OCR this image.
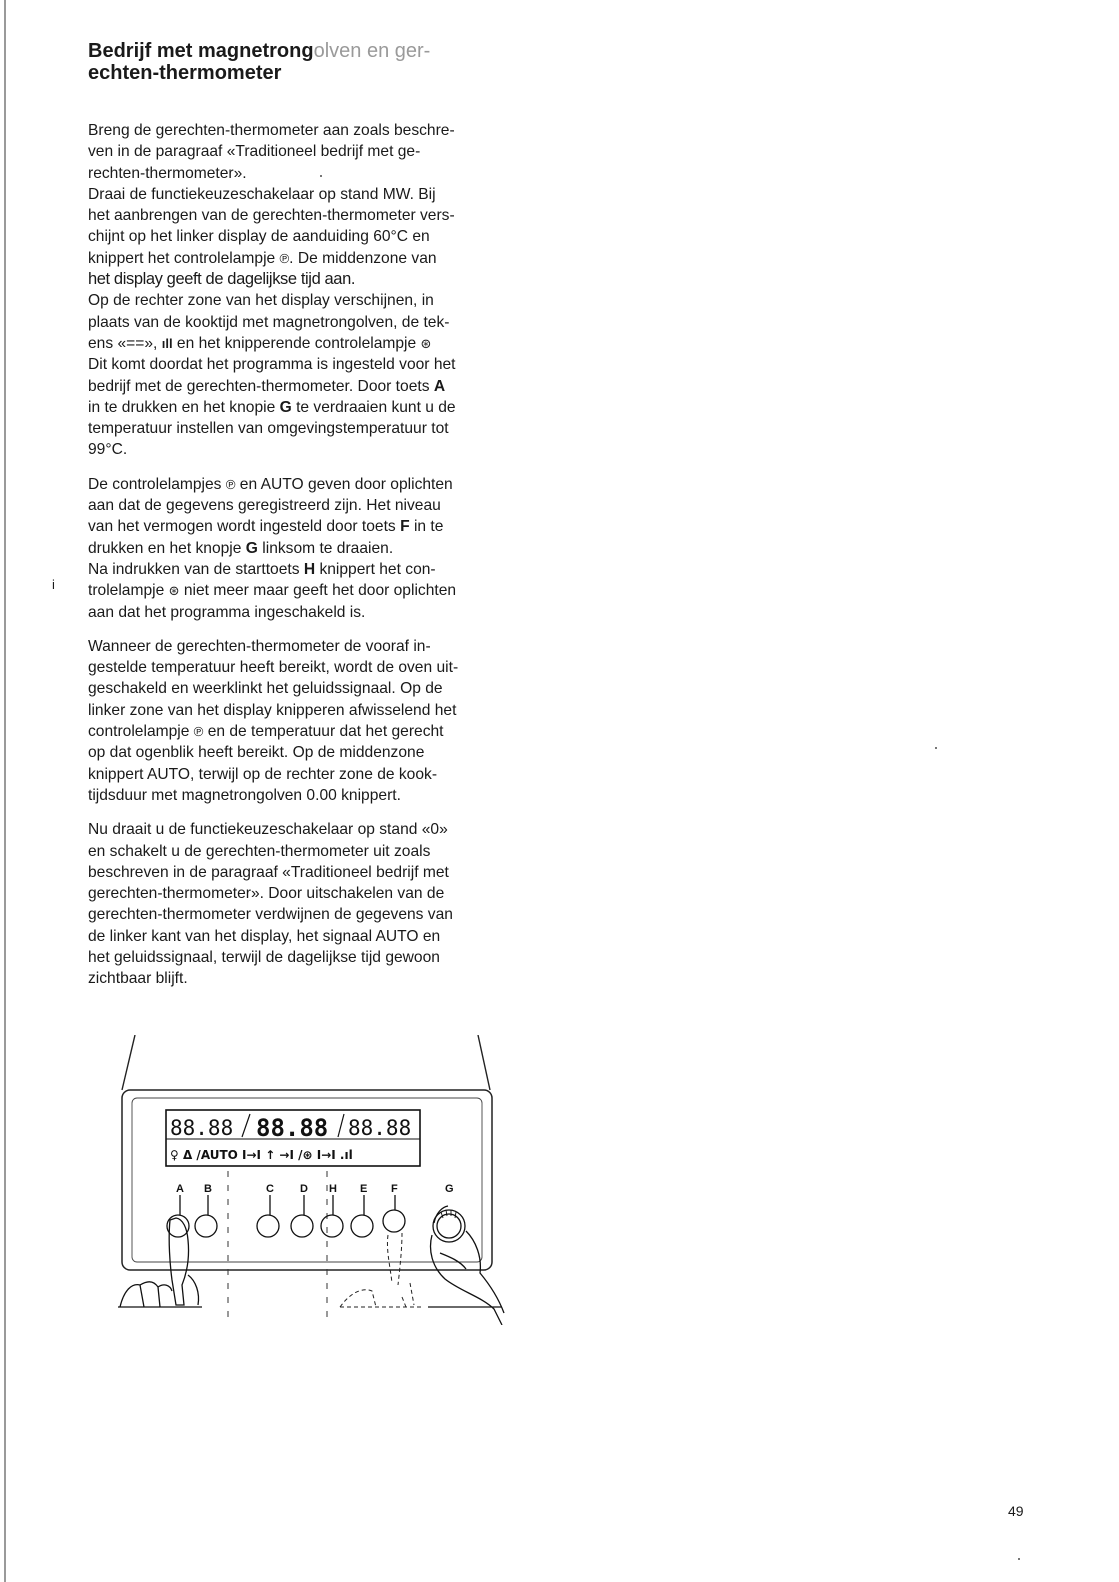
Bedrijf met magnetrongolven en ger-
echten-thermometer

Breng de gerechten-thermometer aan zoals beschre-
ven in de paragraaf «Traditioneel bedrijf met ge-
rechten-thermometer».
Draai de functiekeuzeschakelaar op stand MW. Bij
het aanbrengen van de gerechten-thermometer vers-
chijnt op het linker display de aanduiding 60°C en
knippert het controlelampje ℗. De middenzone van
het display geeft de dagelijkse tijd aan.
Op de rechter zone van het display verschijnen, in
plaats van de kooktijd met magnetrongolven, de tek-
ens «==», ıll en het knipperende controlelampje ⊛
Dit komt doordat het programma is ingesteld voor het
bedrijf met de gerechten-thermometer. Door toets A
in te drukken en het knopie G te verdraaien kunt u de
temperatuur instellen van omgevingstemperatuur tot
99°C.

De controlelampjes ℗ en AUTO geven door oplichten
aan dat de gegevens geregistreerd zijn. Het niveau
van het vermogen wordt ingesteld door toets F in te
drukken en het knopje G linksom te draaien.
Na indrukken van de starttoets H knippert het con-
trolelampje ⊛ niet meer maar geeft het door oplichten
aan dat het programma ingeschakeld is.

Wanneer de gerechten-thermometer de vooraf in-
gestelde temperatuur heeft bereikt, wordt de oven uit-
geschakeld en weerklinkt het geluidssignaal. Op de
linker zone van het display knipperen afwisselend het
controlelampje ℗ en de temperatuur dat het gerecht
op dat ogenblik heeft bereikt. Op de middenzone
knippert AUTO, terwijl op de rechter zone de kook-
tijdsduur met magnetrongolven 0.00 knippert.

Nu draait u de functiekeuzeschakelaar op stand «0»
en schakelt u de gerechten-thermometer uit zoals
beschreven in de paragraaf «Traditioneel bedrijf met
gerechten-thermometer». Door uitschakelen van de
gerechten-thermometer verdwijnen de gegevens van
de linker kant van het display, het signaal AUTO en
het geluidssignaal, terwijl de dagelijkse tijd gewoon
zichtbaar blijft.

i
88.88 88.88 88.88
♀ Δ /AUTO I→I ↑ →I /⊛ I→I .ıl
A B	C D H E F	G
49
